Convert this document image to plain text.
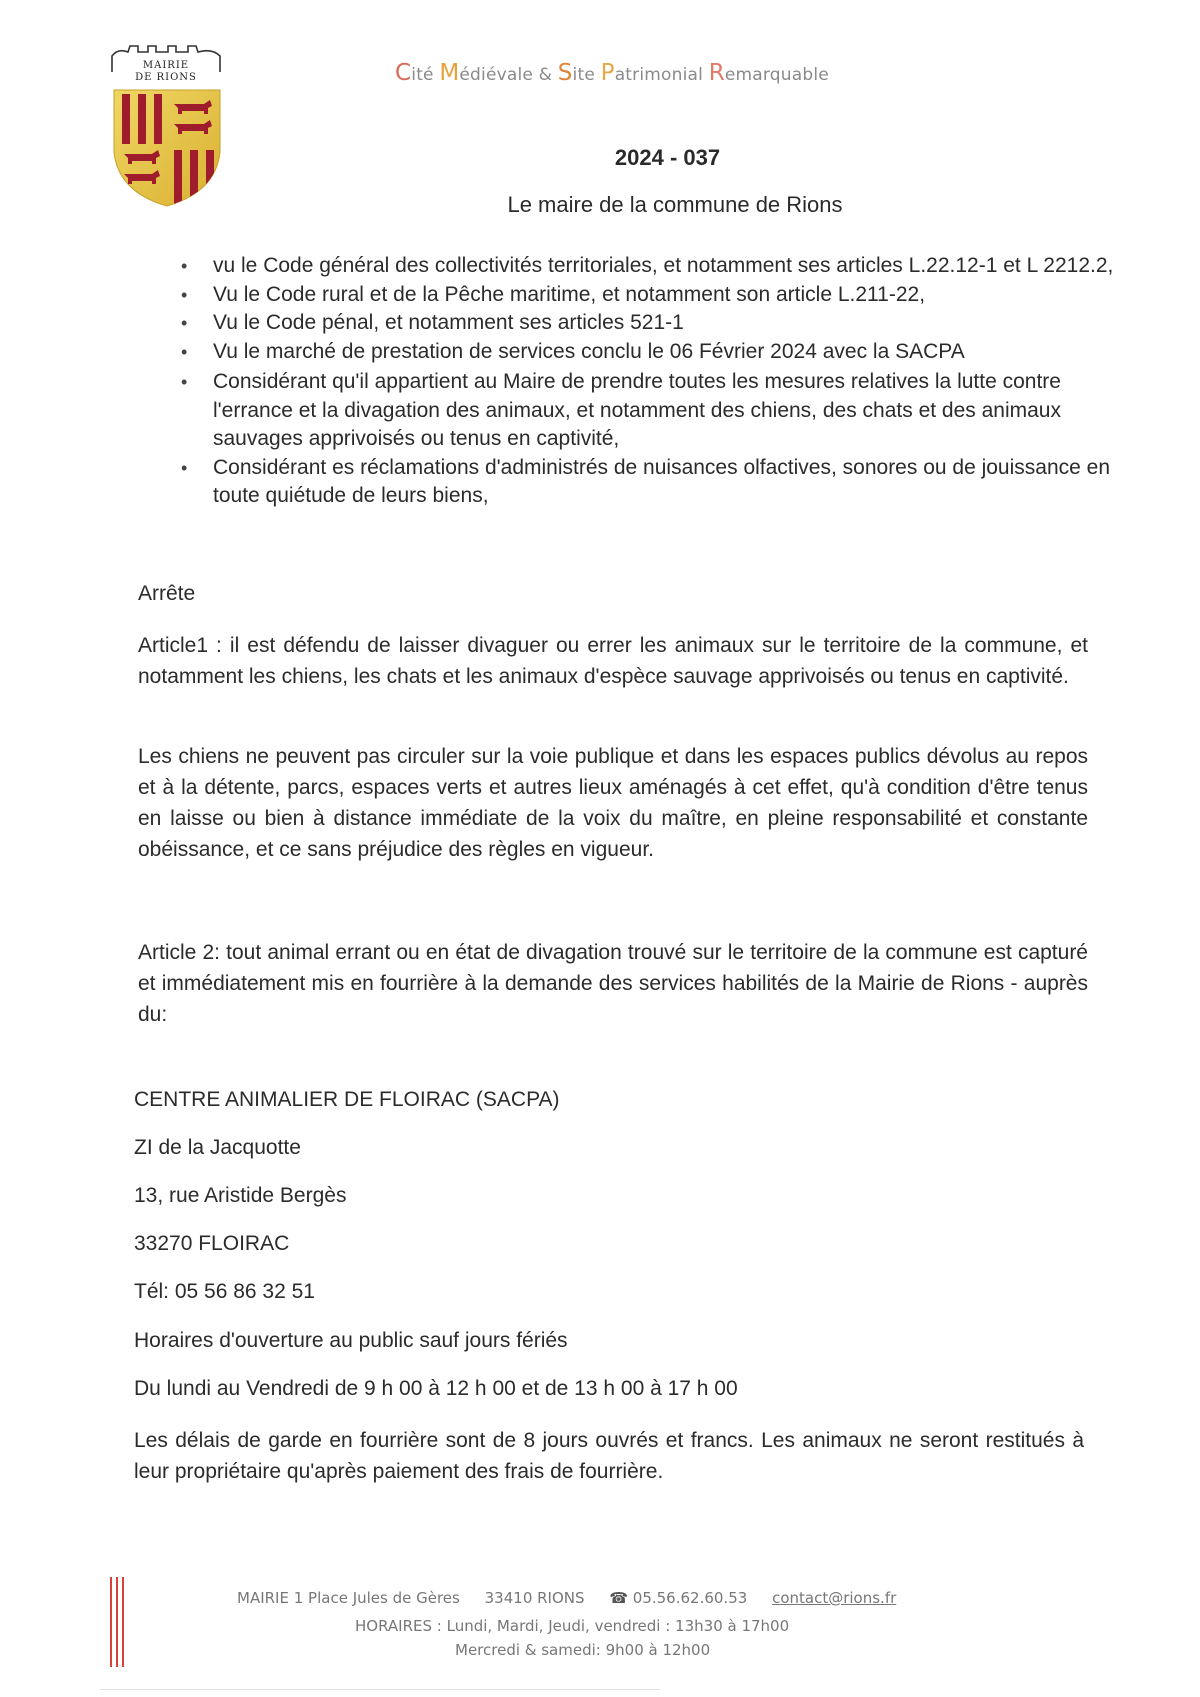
MAIRIE
DE RIONS	Cité Médiévale & Site Patrimonial Remarquable
2024 - 037
Le maire de la commune de Rions
• vu le Code général des collectivités territoriales, et notamment ses articles L.22.12-1 et L 2212.2,
• Vu le Code rural et de la Pêche maritime, et notamment son article L.211-22,
• Vu le Code pénal, et notamment ses articles 521-1
• Vu le marché de prestation de services conclu le 06 Février 2024 avec la SACPA
• Considérant qu'il appartient au Maire de prendre toutes les mesures relatives la lutte contre l'errance et la divagation des animaux, et notamment des chiens, des chats et des animaux sauvages apprivoisés ou tenus en captivité,
• Considérant es réclamations d'administrés de nuisances olfactives, sonores ou de jouissance en toute quiétude de leurs biens,
Arrête
Article1 : il est défendu de laisser divaguer ou errer les animaux sur le territoire de la commune, et notamment les chiens, les chats et les animaux d'espèce sauvage apprivoisés ou tenus en captivité.
Les chiens ne peuvent pas circuler sur la voie publique et dans les espaces publics dévolus au repos et à la détente, parcs, espaces verts et autres lieux aménagés à cet effet, qu'à condition d'être tenus en laisse ou bien à distance immédiate de la voix du maître, en pleine responsabilité et constante obéissance, et ce sans préjudice des règles en vigueur.
Article 2: tout animal errant ou en état de divagation trouvé sur le territoire de la commune est capturé et immédiatement mis en fourrière à la demande des services habilités de la Mairie de Rions - auprès du:
CENTRE ANIMALIER DE FLOIRAC (SACPA)
ZI de la Jacquotte
13, rue Aristide Bergès
33270 FLOIRAC
Tél: 05 56 86 32 51
Horaires d'ouverture au public sauf jours fériés
Du lundi au Vendredi de 9 h 00 à 12 h 00 et de 13 h 00 à 17 h 00
Les délais de garde en fourrière sont de 8 jours ouvrés et francs. Les animaux ne seront restitués à leur propriétaire qu'après paiement des frais de fourrière.
MAIRIE 1 Place Jules de Gères 33410 RIONS ☎ 05.56.62.60.53 contact@rions.fr
HORAIRES : Lundi, Mardi, Jeudi, vendredi : 13h30 à 17h00
Mercredi & samedi: 9h00 à 12h00
